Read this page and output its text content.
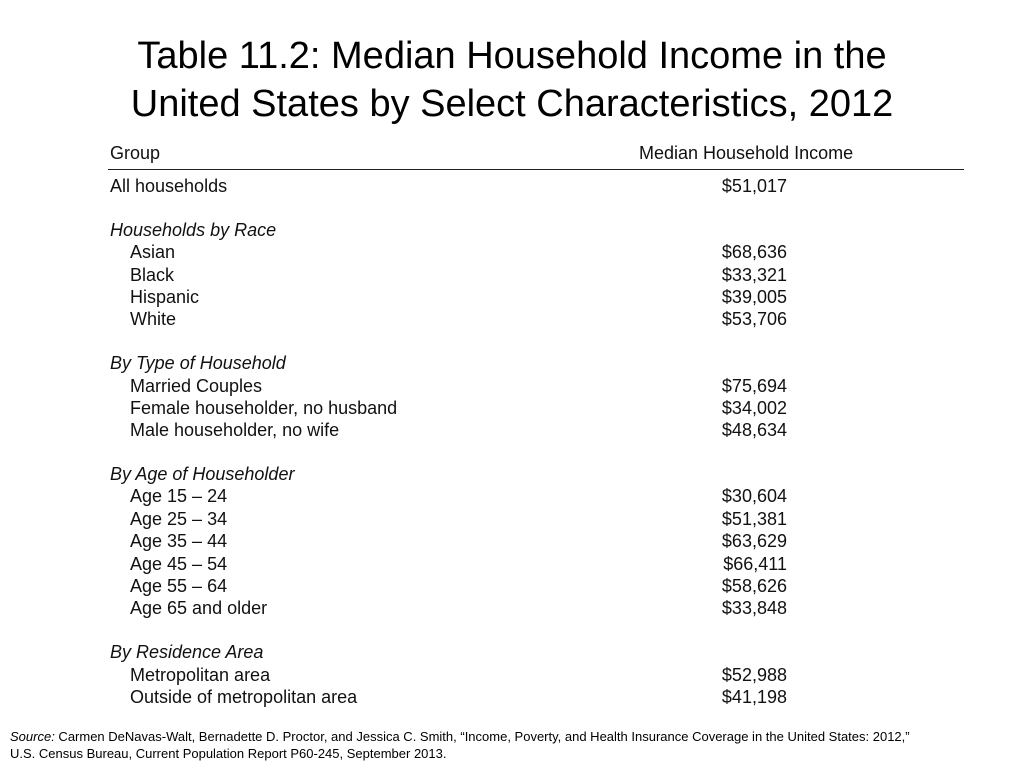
Table 11.2: Median Household Income in the
United States by Select Characteristics, 2012
Group	Median Household Income
All households	$51,017
Households by Race
Asian	$68,636
Black	$33,321
Hispanic	$39,005
White	$53,706
By Type of Household
Married Couples	$75,694
Female householder, no husband	$34,002
Male householder, no wife	$48,634
By Age of Householder
Age 15 – 24	$30,604
Age 25 – 34	$51,381
Age 35 – 44	$63,629
Age 45 – 54	$66,411
Age 55 – 64	$58,626
Age 65 and older	$33,848
By Residence Area
Metropolitan area	$52,988
Outside of metropolitan area	$41,198
Source: Carmen DeNavas-Walt, Bernadette D. Proctor, and Jessica C. Smith, “Income, Poverty, and Health Insurance Coverage in the United States: 2012,”
U.S. Census Bureau, Current Population Report P60-245, September 2013.
